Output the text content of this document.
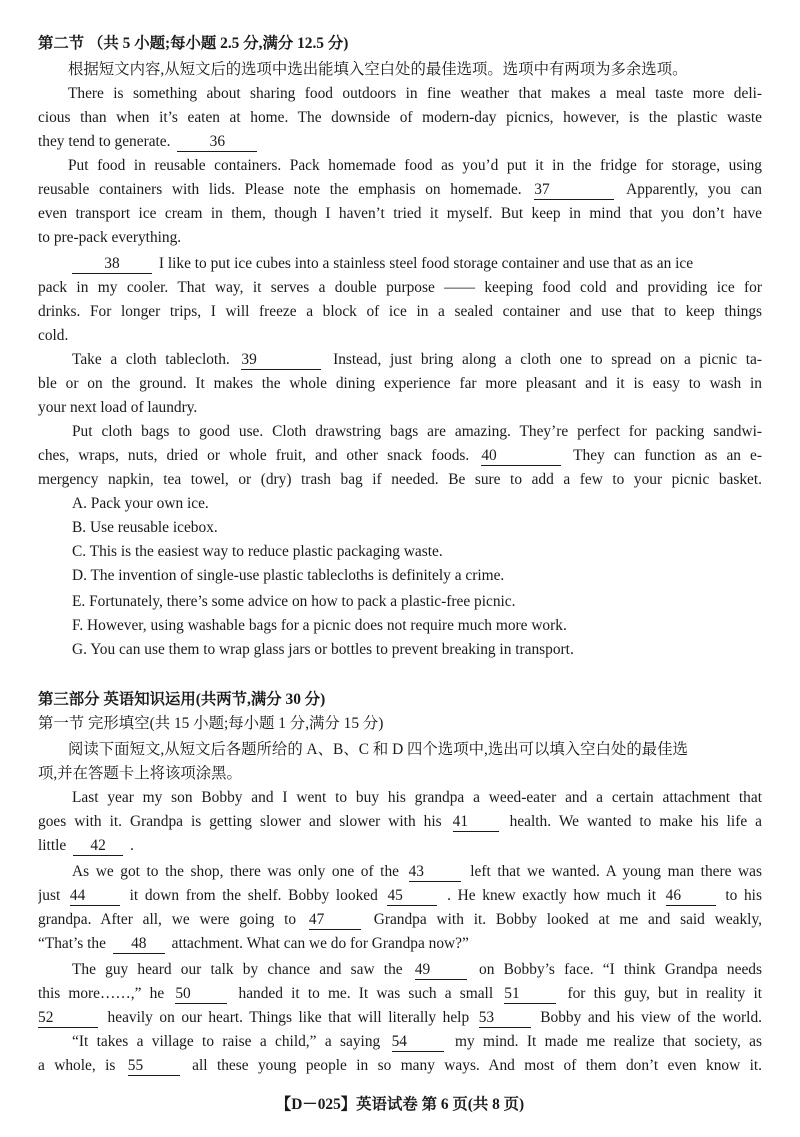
第二节 （共 5 小题;每小题 2.5 分,满分 12.5 分)
根据短文内容,从短文后的选项中选出能填入空白处的最佳选项。选项中有两项为多余选项。
There is something about sharing food outdoors in fine weather that makes a meal taste more deli-
cious than when it’s eaten at home. The downside of modern-day picnics, however, is the plastic waste
they tend to generate.	36
Put food in reusable containers. Pack homemade food as you’d put it in the fridge for storage, using
reusable containers with lids. Please note the emphasis on homemade. 37	Apparently, you can
even transport ice cream in them, though I haven’t tried it myself. But keep in mind that you don’t have
to pre-pack everything.
38	I like to put ice cubes into a stainless steel food storage container and use that as an ice
pack in my cooler. That way, it serves a double purpose —— keeping food cold and providing ice for
drinks. For longer trips, I will freeze a block of ice in a sealed container and use that to keep things
cold.
Take a cloth tablecloth. 39	Instead, just bring along a cloth one to spread on a picnic ta-
ble or on the ground. It makes the whole dining experience far more pleasant and it is easy to wash in
your next load of laundry.
Put cloth bags to good use. Cloth drawstring bags are amazing. They’re perfect for packing sandwi-
ches, wraps, nuts, dried or whole fruit, and other snack foods. 40	They can function as an e-
mergency napkin, tea towel, or (dry) trash bag if needed. Be sure to add a few to your picnic basket.
A. Pack your own ice.
B. Use reusable icebox.
C. This is the easiest way to reduce plastic packaging waste.
D. The invention of single-use plastic tablecloths is definitely a crime.
E. Fortunately, there’s some advice on how to pack a plastic-free picnic.
F. However, using washable bags for a picnic does not require much more work.
G. You can use them to wrap glass jars or bottles to prevent breaking in transport.
第三部分 英语知识运用(共两节,满分 30 分)
第一节 完形填空(共 15 小题;每小题 1 分,满分 15 分)
阅读下面短文,从短文后各题所给的 A、B、C 和 D 四个选项中,选出可以填入空白处的最佳选
项,并在答题卡上将该项涂黑。
Last year my son Bobby and I went to buy his grandpa a weed-eater and a certain attachment that
goes with it. Grandpa is getting slower and slower with his 41	health. We wanted to make his life a
little 42 .
As we got to the shop, there was only one of the 43	left that we wanted. A young man there was
just 44	it down from the shelf. Bobby looked 45	. He knew exactly how much it 46	to his
grandpa. After all, we were going to 47	Grandpa with it. Bobby looked at me and said weakly,
“That’s the 48 attachment. What can we do for Grandpa now?”
The guy heard our talk by chance and saw the 49	on Bobby’s face. “I think Grandpa needs
this more……,” he 50	handed it to me. It was such a small 51	for this guy, but in reality it
52	heavily on our heart. Things like that will literally help 53	Bobby and his view of the world.
“It takes a village to raise a child,” a saying 54	my mind. It made me realize that society, as
a whole, is 55	all these young people in so many ways. And most of them don’t even know it.
【D－025】英语试卷 第 6 页(共 8 页)
